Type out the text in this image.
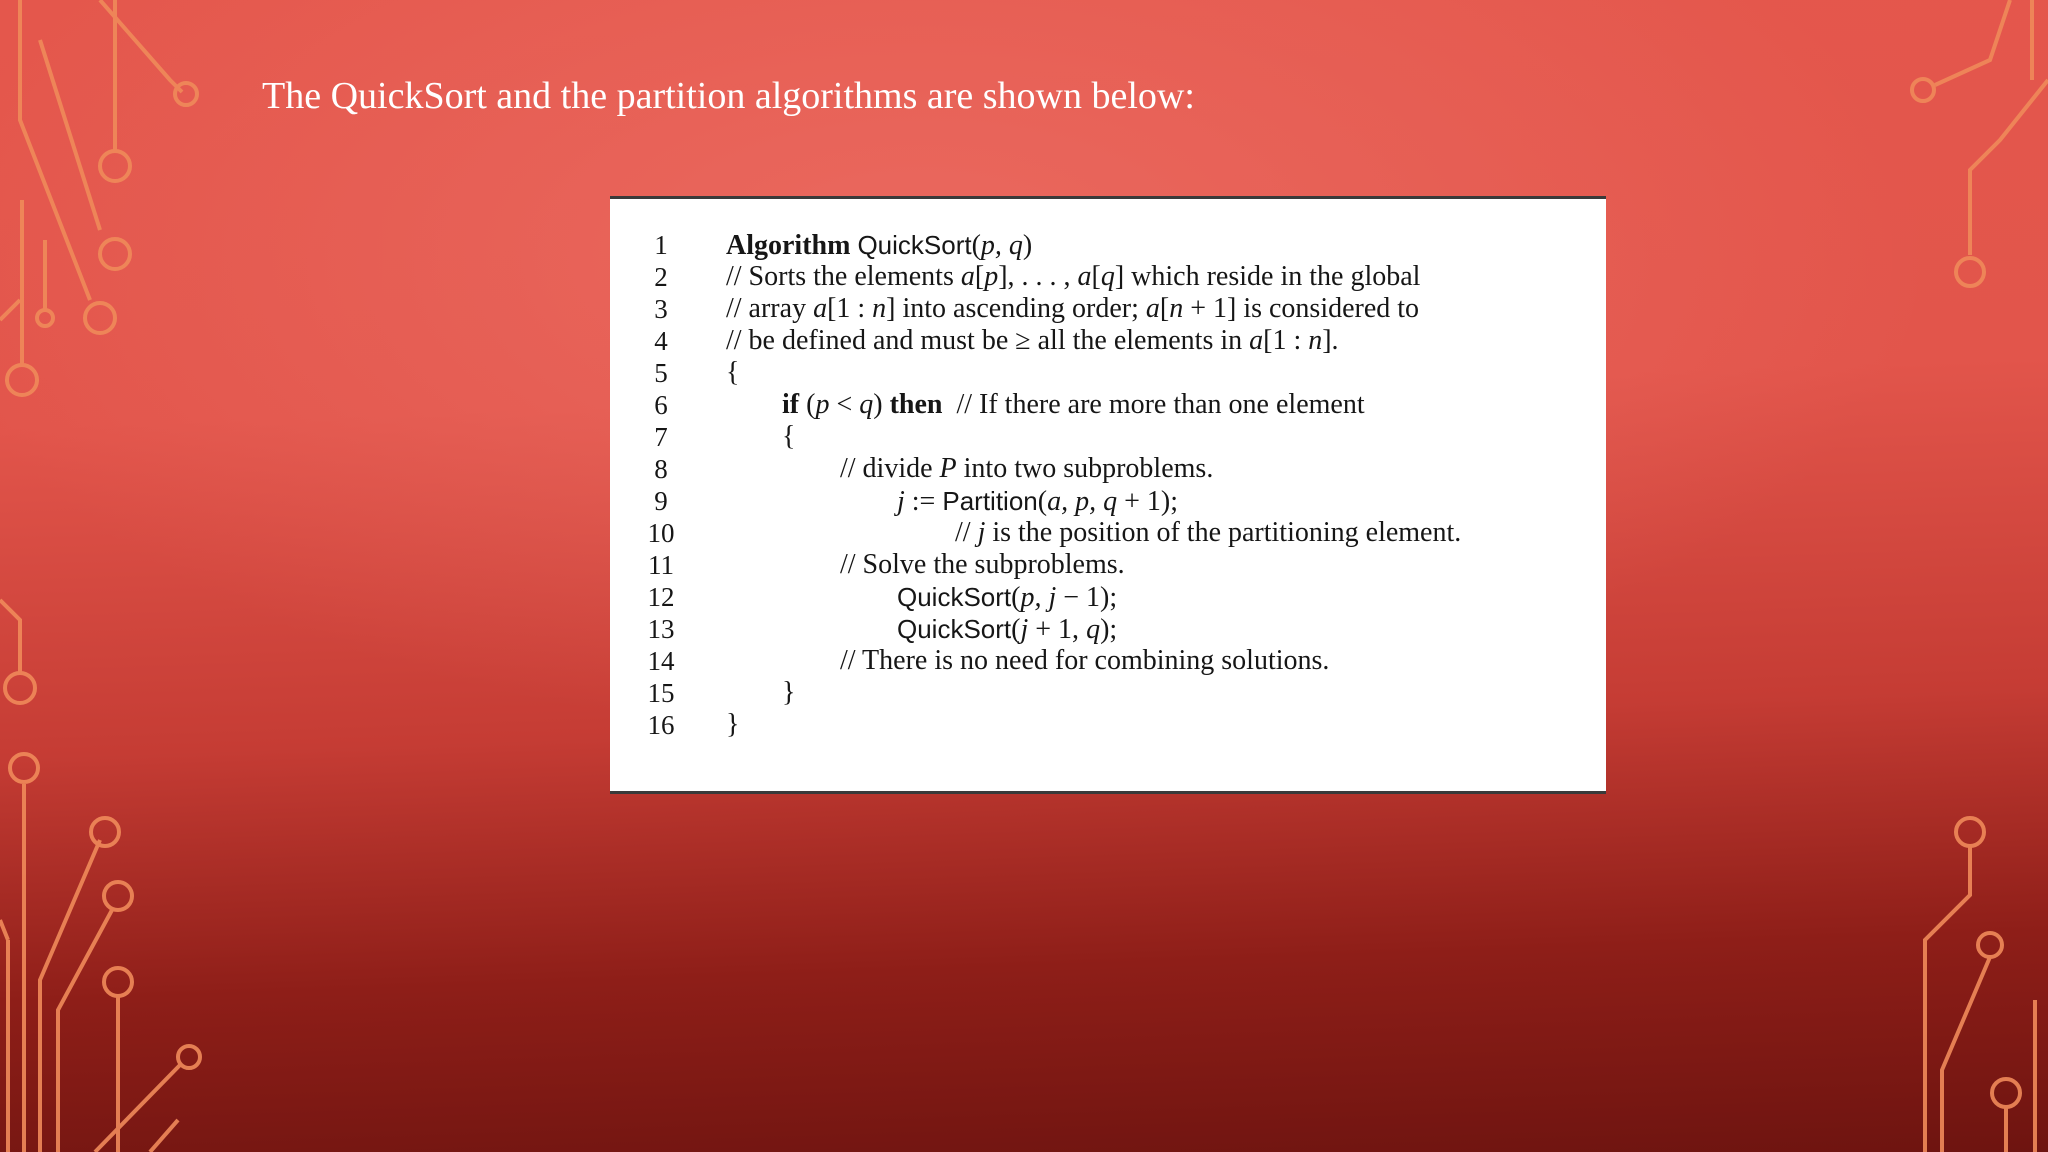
The QuickSort and the partition algorithms are shown below:
1	Algorithm QuickSort(p, q)
2	// Sorts the elements a[p], . . . , a[q] which reside in the global
3	// array a[1 : n] into ascending order; a[n + 1] is considered to
4	// be defined and must be ≥ all the elements in a[1 : n].
5	{
6	if (p < q) then  // If there are more than one element
7	{
8	// divide P into two subproblems.
9	j := Partition(a, p, q + 1);
10	// j is the position of the partitioning element.
11	// Solve the subproblems.
12	QuickSort(p, j − 1);
13	QuickSort(j + 1, q);
14	// There is no need for combining solutions.
15	}
16	}
